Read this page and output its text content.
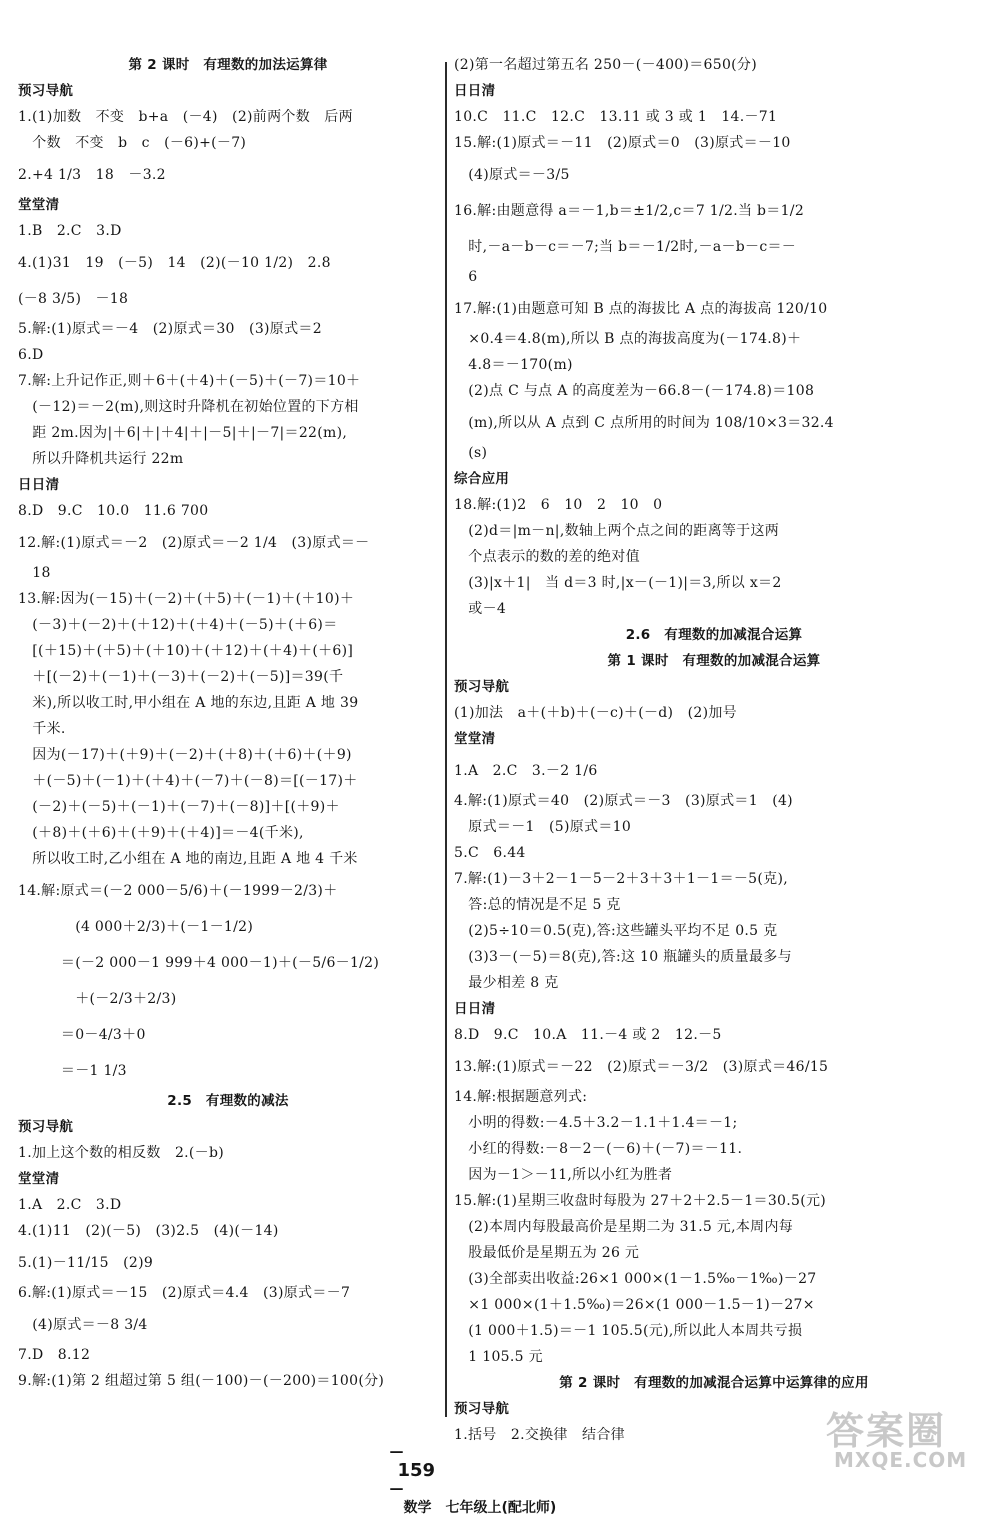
第 2 课时　有理数的加法运算律
预习导航
1.(1)加数　不变　b+a　(－4)　(2)前两个数　后两
　个数　不变　b　c　(－6)+(－7)
2.+4 1/3　18　－3.2
堂堂清
1.B　2.C　3.D
4.(1)31　19　(－5)　14　(2)(－10 1/2)　2.8
(－8 3/5)　－18
5.解:(1)原式＝－4　(2)原式＝30　(3)原式＝2
6.D
7.解:上升记作正,则＋6＋(＋4)＋(－5)＋(－7)＝10＋
　(－12)＝－2(m),则这时升降机在初始位置的下方相
　距 2m.因为|＋6|＋|＋4|＋|－5|＋|－7|＝22(m),
　所以升降机共运行 22m
日日清
8.D　9.C　10.0　11.6 700
12.解:(1)原式＝－2　(2)原式＝－2 1/4　(3)原式＝－
　18
13.解:因为(－15)＋(－2)＋(＋5)＋(－1)＋(＋10)＋
　(－3)＋(－2)＋(＋12)＋(＋4)＋(－5)＋(＋6)＝
　[(＋15)＋(＋5)＋(＋10)＋(＋12)＋(＋4)＋(＋6)]
　＋[(－2)＋(－1)＋(－3)＋(－2)＋(－5)]＝39(千
　米),所以收工时,甲小组在 A 地的东边,且距 A 地 39
　千米.
　因为(－17)＋(＋9)＋(－2)＋(＋8)＋(＋6)＋(＋9)
　＋(－5)＋(－1)＋(＋4)＋(－7)＋(－8)＝[(－17)＋
　(－2)＋(－5)＋(－1)＋(－7)＋(－8)]＋[(＋9)＋
　(＋8)＋(＋6)＋(＋9)＋(＋4)]＝－4(千米),
　所以收工时,乙小组在 A 地的南边,且距 A 地 4 千米
14.解:原式＝(－2 000－5/6)＋(－1999－2/3)＋
　　　　(4 000＋2/3)＋(－1－1/2)
　　　＝(－2 000－1 999＋4 000－1)＋(－5/6－1/2)
　　　　＋(－2/3＋2/3)
　　　＝0－4/3＋0
　　　＝－1 1/3
2.5　有理数的减法
预习导航
1.加上这个数的相反数　2.(－b)
堂堂清
1.A　2.C　3.D
4.(1)11　(2)(－5)　(3)2.5　(4)(－14)
5.(1)－11/15　(2)9
6.解:(1)原式＝－15　(2)原式＝4.4　(3)原式＝－7
　(4)原式＝－8 3/4
7.D　8.12
9.解:(1)第 2 组超过第 5 组(－100)－(－200)＝100(分)
(2)第一名超过第五名 250－(－400)＝650(分)
日日清
10.C　11.C　12.C　13.11 或 3 或 1　14.－71
15.解:(1)原式＝－11　(2)原式＝0　(3)原式＝－10
　(4)原式＝－3/5
16.解:由题意得 a＝－1,b＝±1/2,c＝7 1/2.当 b＝1/2
　时,－a－b－c＝－7;当 b＝－1/2时,－a－b－c＝－
　6
17.解:(1)由题意可知 B 点的海拔比 A 点的海拔高 120/10
　×0.4＝4.8(m),所以 B 点的海拔高度为(－174.8)＋
　4.8＝－170(m)
　(2)点 C 与点 A 的高度差为－66.8－(－174.8)＝108
　(m),所以从 A 点到 C 点所用的时间为 108/10×3＝32.4
　(s)
综合应用
18.解:(1)2　6　10　2　10　0
　(2)d＝|m－n|,数轴上两个点之间的距离等于这两
　个点表示的数的差的绝对值
　(3)|x＋1|　当 d＝3 时,|x－(－1)|＝3,所以 x＝2
　或－4
2.6　有理数的加减混合运算
第 1 课时　有理数的加减混合运算
预习导航
(1)加法　a＋(＋b)＋(－c)＋(－d)　(2)加号
堂堂清
1.A　2.C　3.－2 1/6
4.解:(1)原式＝40　(2)原式＝－3　(3)原式＝1　(4)
　原式＝－1　(5)原式＝10
5.C　6.44
7.解:(1)－3＋2－1－5－2＋3＋3＋1－1＝－5(克),
　答:总的情况是不足 5 克
　(2)5÷10＝0.5(克),答:这些罐头平均不足 0.5 克
　(3)3－(－5)＝8(克),答:这 10 瓶罐头的质量最多与
　最少相差 8 克
日日清
8.D　9.C　10.A　11.－4 或 2　12.－5
13.解:(1)原式＝－22　(2)原式＝－3/2　(3)原式＝46/15
14.解:根据题意列式:
　小明的得数:－4.5＋3.2－1.1＋1.4＝－1;
　小红的得数:－8－2－(－6)＋(－7)＝－11.
　因为－1＞－11,所以小红为胜者
15.解:(1)星期三收盘时每股为 27＋2＋2.5－1＝30.5(元)
　(2)本周内每股最高价是星期二为 31.5 元,本周内每
　股最低价是星期五为 26 元
　(3)全部卖出收益:26×1 000×(1－1.5‰－1‰)－27
　×1 000×(1＋1.5‰)＝26×(1 000－1.5－1)－27×
　(1 000＋1.5)＝－1 105.5(元),所以此人本周共亏损
　1 105.5 元
第 2 课时　有理数的加减混合运算中运算律的应用
预习导航
1.括号　2.交换律　结合律

—
159
—
数学　七年级上(配北师)

答案圈
MXQE.COM
